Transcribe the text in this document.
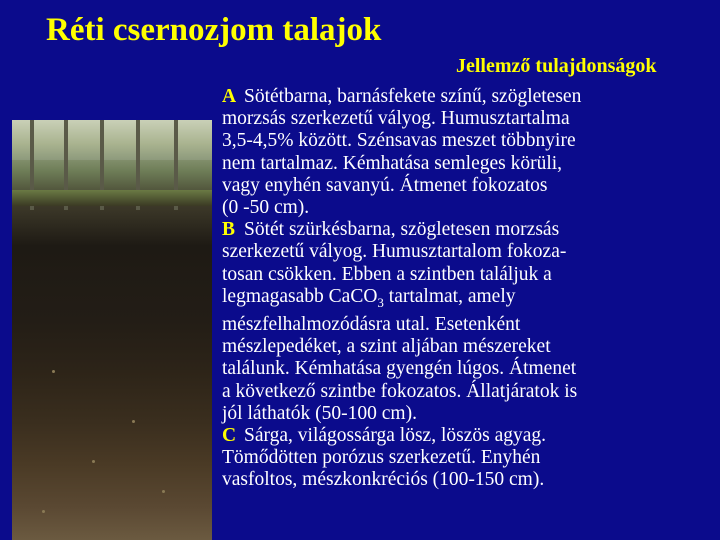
Réti csernozjom talajok
Jellemző tulajdonságok

A Sötétbarna, barnásfekete színű, szögletesen
morzsás szerkezetű vályog. Humusztartalma
3,5-4,5% között. Szénsavas meszet többnyire
nem tartalmaz. Kémhatása semleges körüli,
vagy enyhén savanyú. Átmenet fokozatos
(0 -50 cm).

B Sötét szürkésbarna, szögletesen morzsás
szerkezetű vályog. Humusztartalom fokoza-
tosan csökken. Ebben a szintben találjuk a
legmagasabb CaCO$_3$ tartalmat, amely
mészfelhalmozódásra utal. Esetenként
mészlepedéket, a szint aljában mészereket
találunk. Kémhatása gyengén lúgos. Átmenet
a következő szintbe fokozatos. Állatjáratok is
jól láthatók (50-100 cm).

C Sárga, világossárga lösz, löszös agyag.
Tömődötten porózus szerkezetű. Enyhén
vasfoltos, mészkonkréciós (100-150 cm).
